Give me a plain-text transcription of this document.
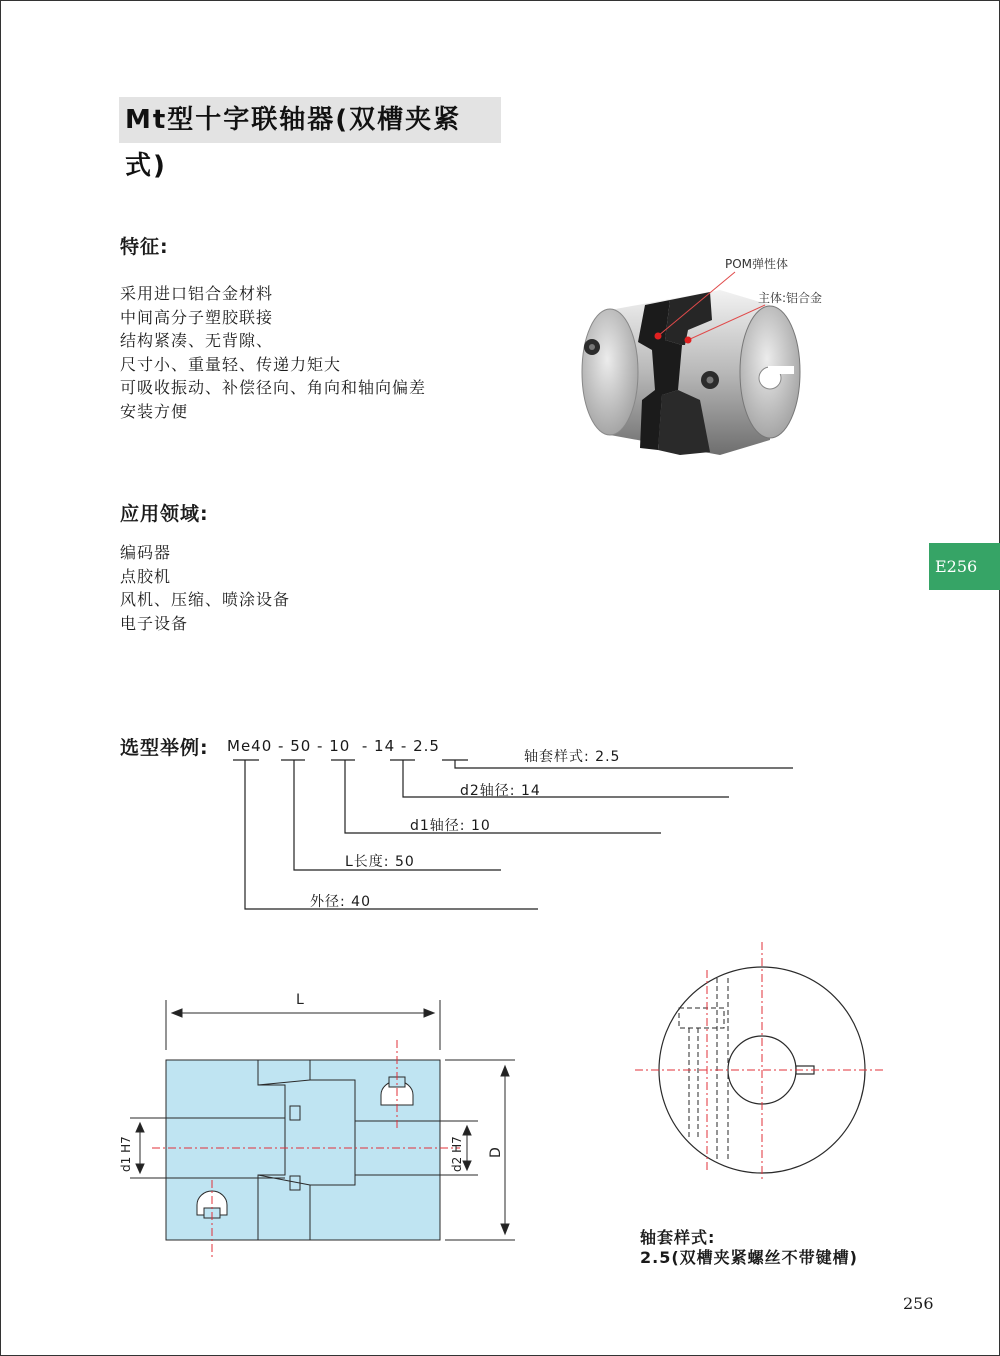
Mt型十字联轴器(双槽夹紧式)
特征:
采用进口铝合金材料
中间高分子塑胶联接
结构紧凑、无背隙、
尺寸小、重量轻、传递力矩大
可吸收振动、补偿径向、角向和轴向偏差
安装方便
POM弹性体
主体:铝合金
应用领域:
编码器
点胶机
风机、压缩、喷涂设备
电子设备
E256
选型举例: Me40 - 50 - 10  - 14 - 2.5
轴套样式: 2.5
d2轴径: 14
d1轴径: 10
L长度: 50
外径: 40
L
D
d1 H7	d2 H7
轴套样式:
2.5(双槽夹紧螺丝不带键槽)
256
